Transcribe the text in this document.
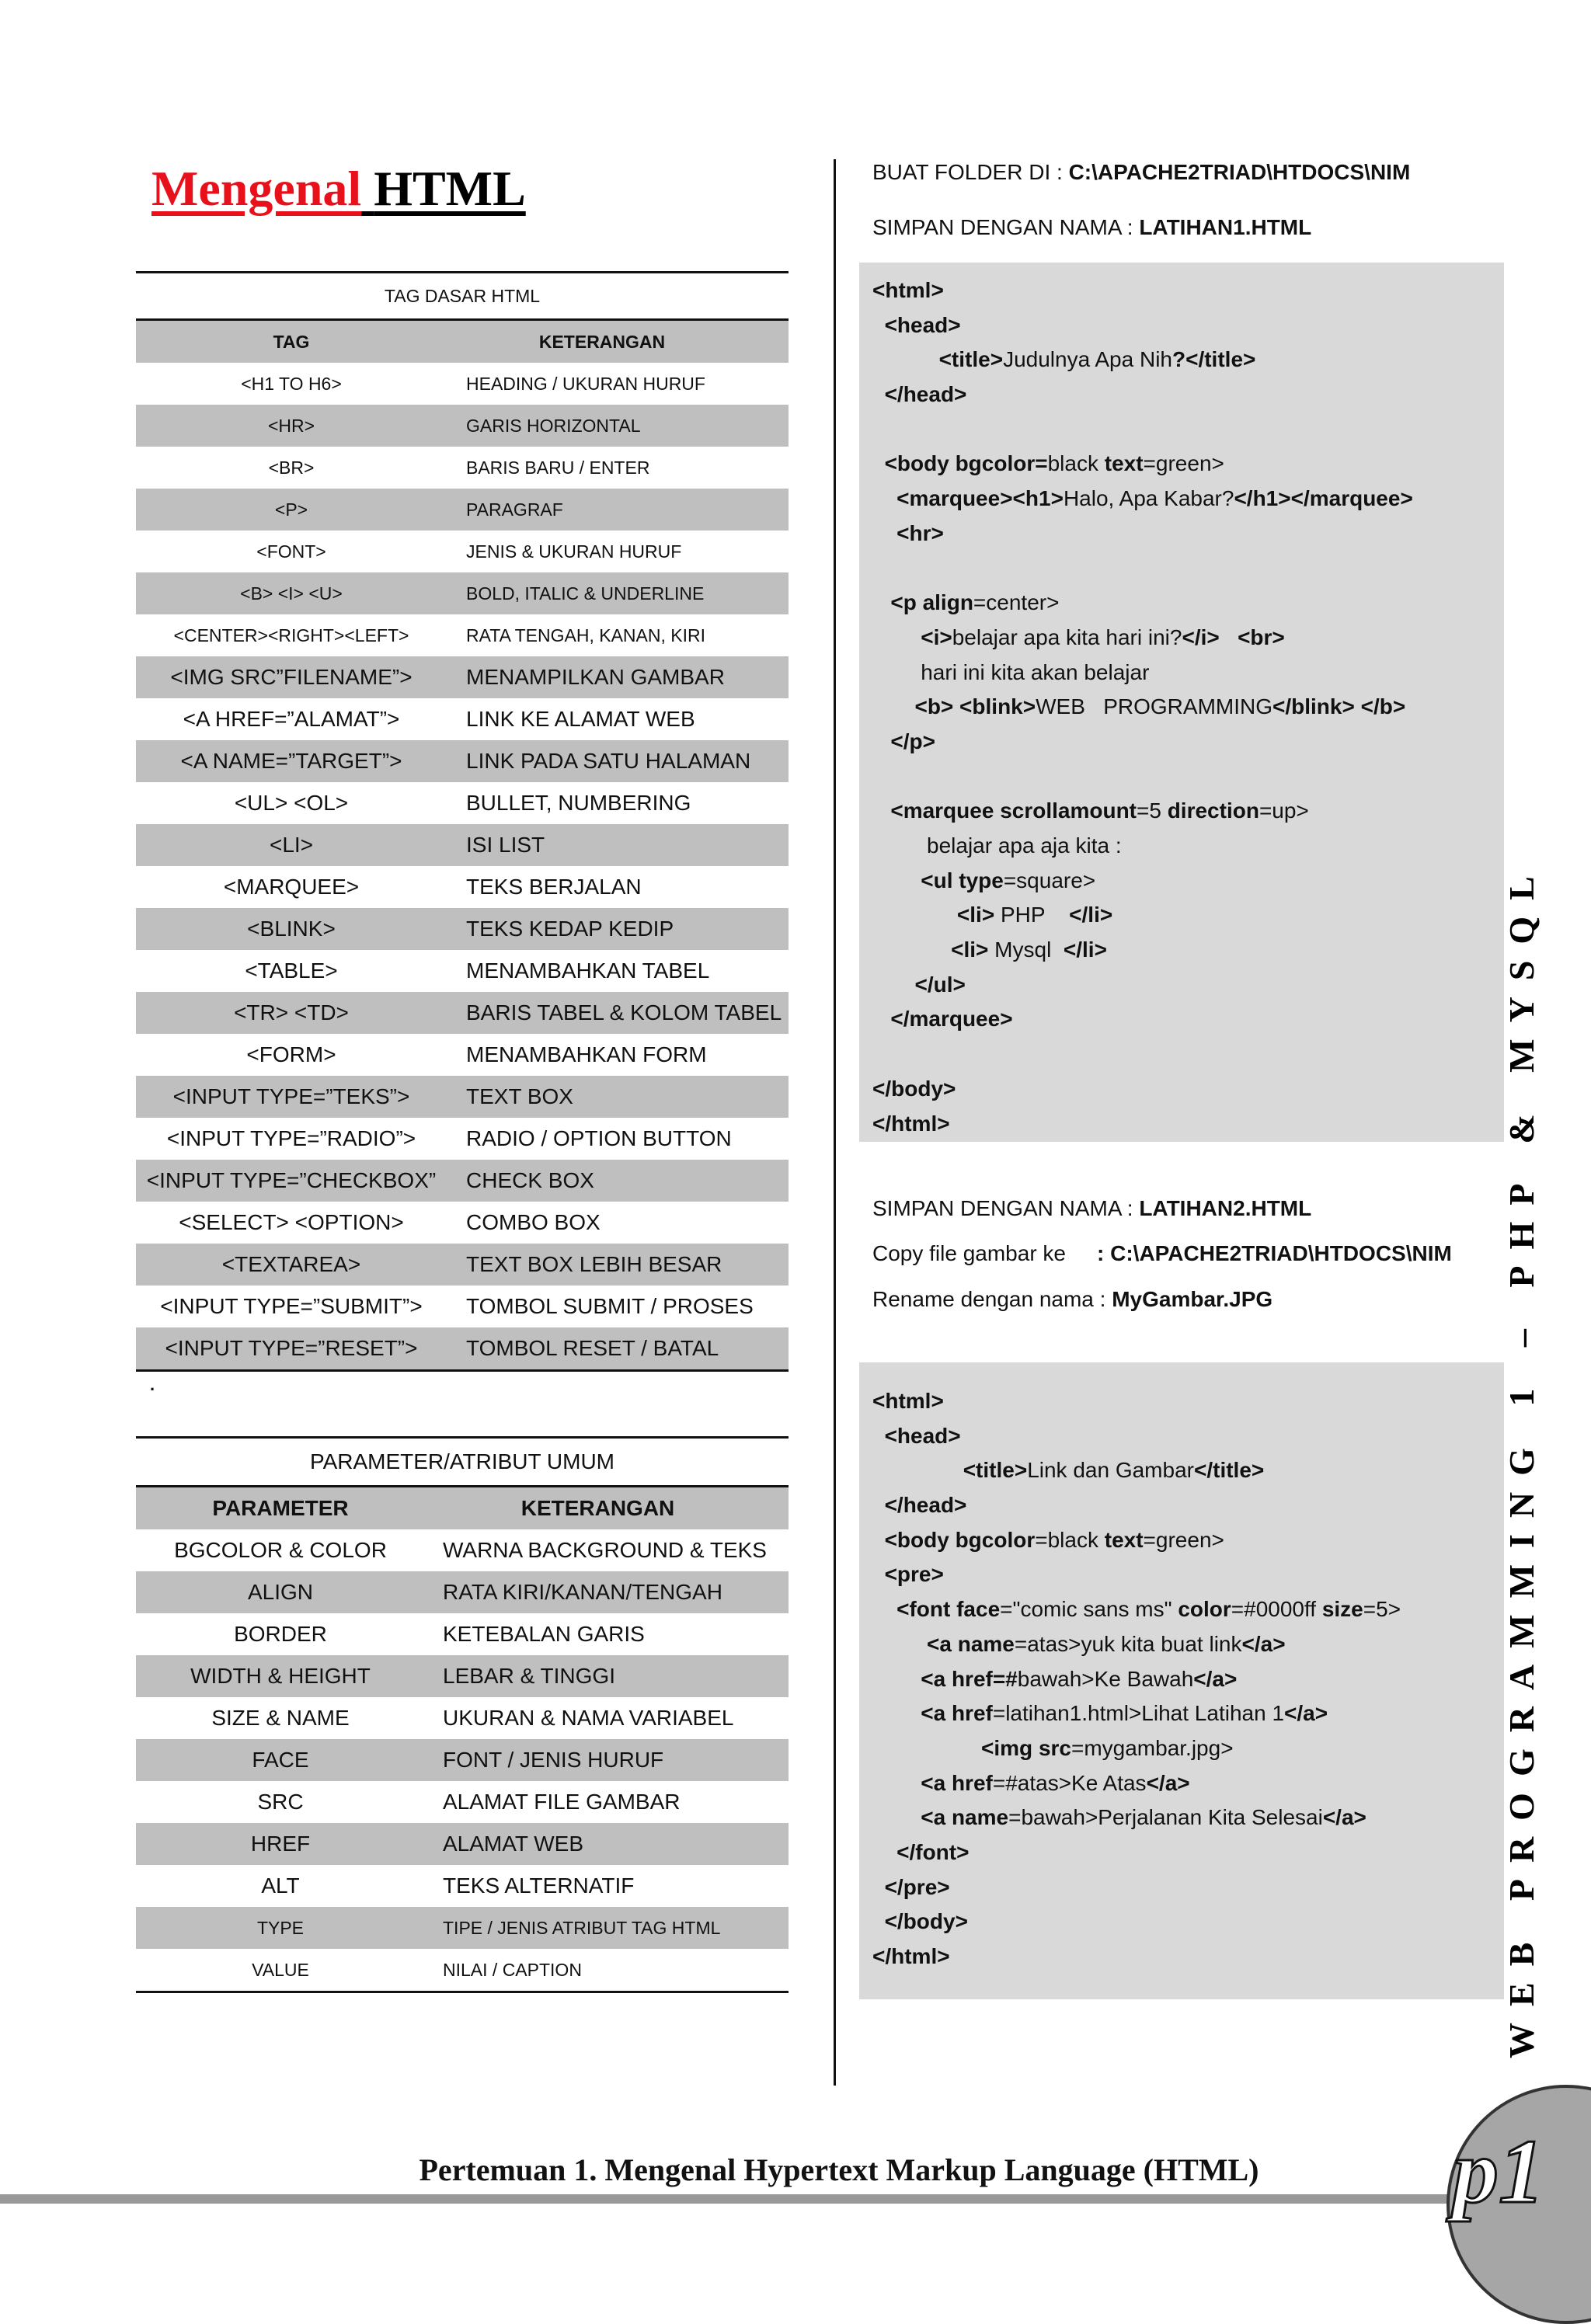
Mengenal HTML
TAG DASAR HTML
TAG	KETERANGAN
<H1 TO H6>	HEADING / UKURAN HURUF
<HR>	GARIS HORIZONTAL
<BR>	BARIS BARU / ENTER
<P>	PARAGRAF
<FONT>	JENIS & UKURAN HURUF
<B> <I> <U>	BOLD, ITALIC & UNDERLINE
<CENTER><RIGHT><LEFT>	RATA TENGAH, KANAN, KIRI
<IMG SRC”FILENAME”>	MENAMPILKAN GAMBAR
<A HREF=”ALAMAT”>	LINK KE ALAMAT WEB
<A NAME=”TARGET”>	LINK PADA SATU HALAMAN
<UL> <OL>	BULLET, NUMBERING
<LI>	ISI LIST
<MARQUEE>	TEKS BERJALAN
<BLINK>	TEKS KEDAP KEDIP
<TABLE>	MENAMBAHKAN TABEL
<TR> <TD>	BARIS TABEL & KOLOM TABEL
<FORM>	MENAMBAHKAN FORM
<INPUT TYPE=”TEKS”>	TEXT BOX
<INPUT TYPE=”RADIO”>	RADIO / OPTION BUTTON
<INPUT TYPE=”CHECKBOX”	CHECK BOX
<SELECT> <OPTION>	COMBO BOX
<TEXTAREA>	TEXT BOX LEBIH BESAR
<INPUT TYPE=”SUBMIT”>	TOMBOL SUBMIT / PROSES
<INPUT TYPE=”RESET”>	TOMBOL RESET / BATAL
.
PARAMETER/ATRIBUT UMUM
PARAMETER	KETERANGAN
BGCOLOR & COLOR	WARNA BACKGROUND & TEKS
ALIGN	RATA KIRI/KANAN/TENGAH
BORDER	KETEBALAN GARIS
WIDTH & HEIGHT	LEBAR & TINGGI
SIZE & NAME	UKURAN & NAMA VARIABEL
FACE	FONT / JENIS HURUF
SRC	ALAMAT FILE GAMBAR
HREF	ALAMAT WEB
ALT	TEKS ALTERNATIF
TYPE	TIPE / JENIS ATRIBUT TAG HTML
VALUE	NILAI / CAPTION
BUAT FOLDER DI : C:\APACHE2TRIAD\HTDOCS\NIM
SIMPAN DENGAN NAMA : LATIHAN1.HTML
<html>
<head>
<title>Judulnya Apa Nih?</title>
</head>
<body bgcolor=black text=green>
<marquee><h1>Halo, Apa Kabar?</h1></marquee>
<hr>
<p align=center>
<i>belajar apa kita hari ini?</i> <br>
hari ini kita akan belajar
<b> <blink>WEB   PROGRAMMING</blink> </b>
</p>
<marquee scrollamount=5 direction=up>
belajar apa aja kita :
<ul type=square>
<li> PHP    </li>
<li> Mysql  </li>
</ul>
</marquee>
</body>
</html>
SIMPAN DENGAN NAMA : LATIHAN2.HTML
Copy file gambar ke : C:\APACHE2TRIAD\HTDOCS\NIM
Rename dengan nama : MyGambar.JPG
<html>
<head>
<title>Link dan Gambar</title>
</head>
<body bgcolor=black text=green>
<pre>
<font face="comic sans ms" color=#0000ff size=5>
<a name=atas>yuk kita buat link</a>
<a href=#bawah>Ke Bawah</a>
<a href=latihan1.html>Lihat Latihan 1</a>
<img src=mygambar.jpg>
<a href=#atas>Ke Atas</a>
<a name=bawah>Perjalanan Kita Selesai</a>
</font>
</pre>
</body>
</html>	WEB PROGRAMMING 1 – PHP & MYSQL
Pertemuan 1. Mengenal Hypertext Markup Language (HTML)	p1
